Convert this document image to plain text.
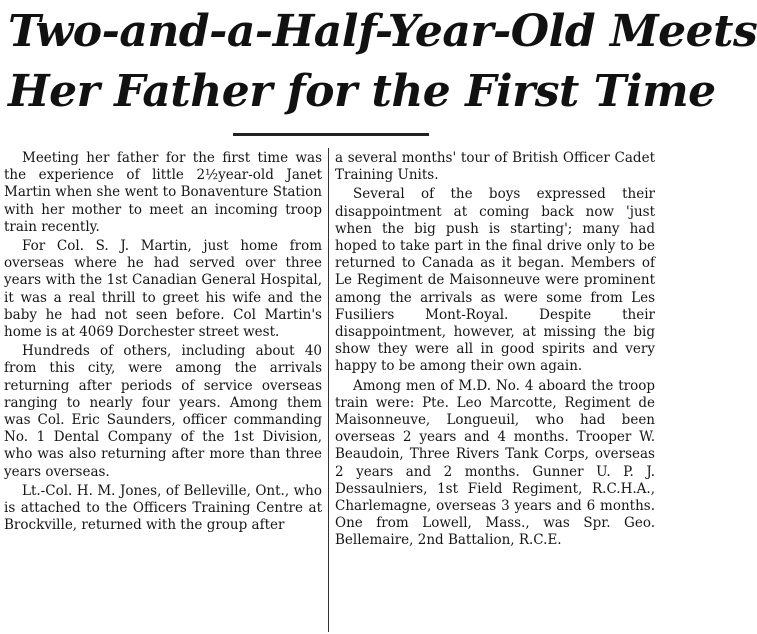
Two-and-a-Half-Year-Old Meets
Her Father for the First Time

Meeting her father for the first time was the experience of little 2½year-old Janet Martin when she went to Bonaventure Station with her mother to meet an incoming troop train recently.

For Col. S. J. Martin, just home from overseas where he had served over three years with the 1st Canadian General Hospital, it was a real thrill to greet his wife and the baby he had not seen before. Col Martin's home is at 4069 Dorchester street west.

Hundreds of others, including about 40 from this city, were among the arrivals returning after periods of service overseas ranging to nearly four years. Among them was Col. Eric Saunders, officer commanding No. 1 Dental Company of the 1st Division, who was also returning after more than three years overseas.

Lt.-Col. H. M. Jones, of Belleville, Ont., who is attached to the Officers Training Centre at Brockville, returned with the group after

a several months' tour of British Officer Cadet Training Units.

Several of the boys expressed their disappointment at coming back now 'just when the big push is starting'; many had hoped to take part in the final drive only to be returned to Canada as it began. Members of Le Regiment de Maisonneuve were prominent among the arrivals as were some from Les Fusiliers Mont-Royal. Despite their disappointment, however, at missing the big show they were all in good spirits and very happy to be among their own again.

Among men of M.D. No. 4 aboard the troop train were: Pte. Leo Marcotte, Regiment de Maisonneuve, Longueuil, who had been overseas 2 years and 4 months. Trooper W. Beaudoin, Three Rivers Tank Corps, overseas 2 years and 2 months. Gunner U. P. J. Dessaulniers, 1st Field Regiment, R.C.H.A., Charlemagne, overseas 3 years and 6 months. One from Lowell, Mass., was Spr. Geo. Bellemaire, 2nd Battalion, R.C.E.
